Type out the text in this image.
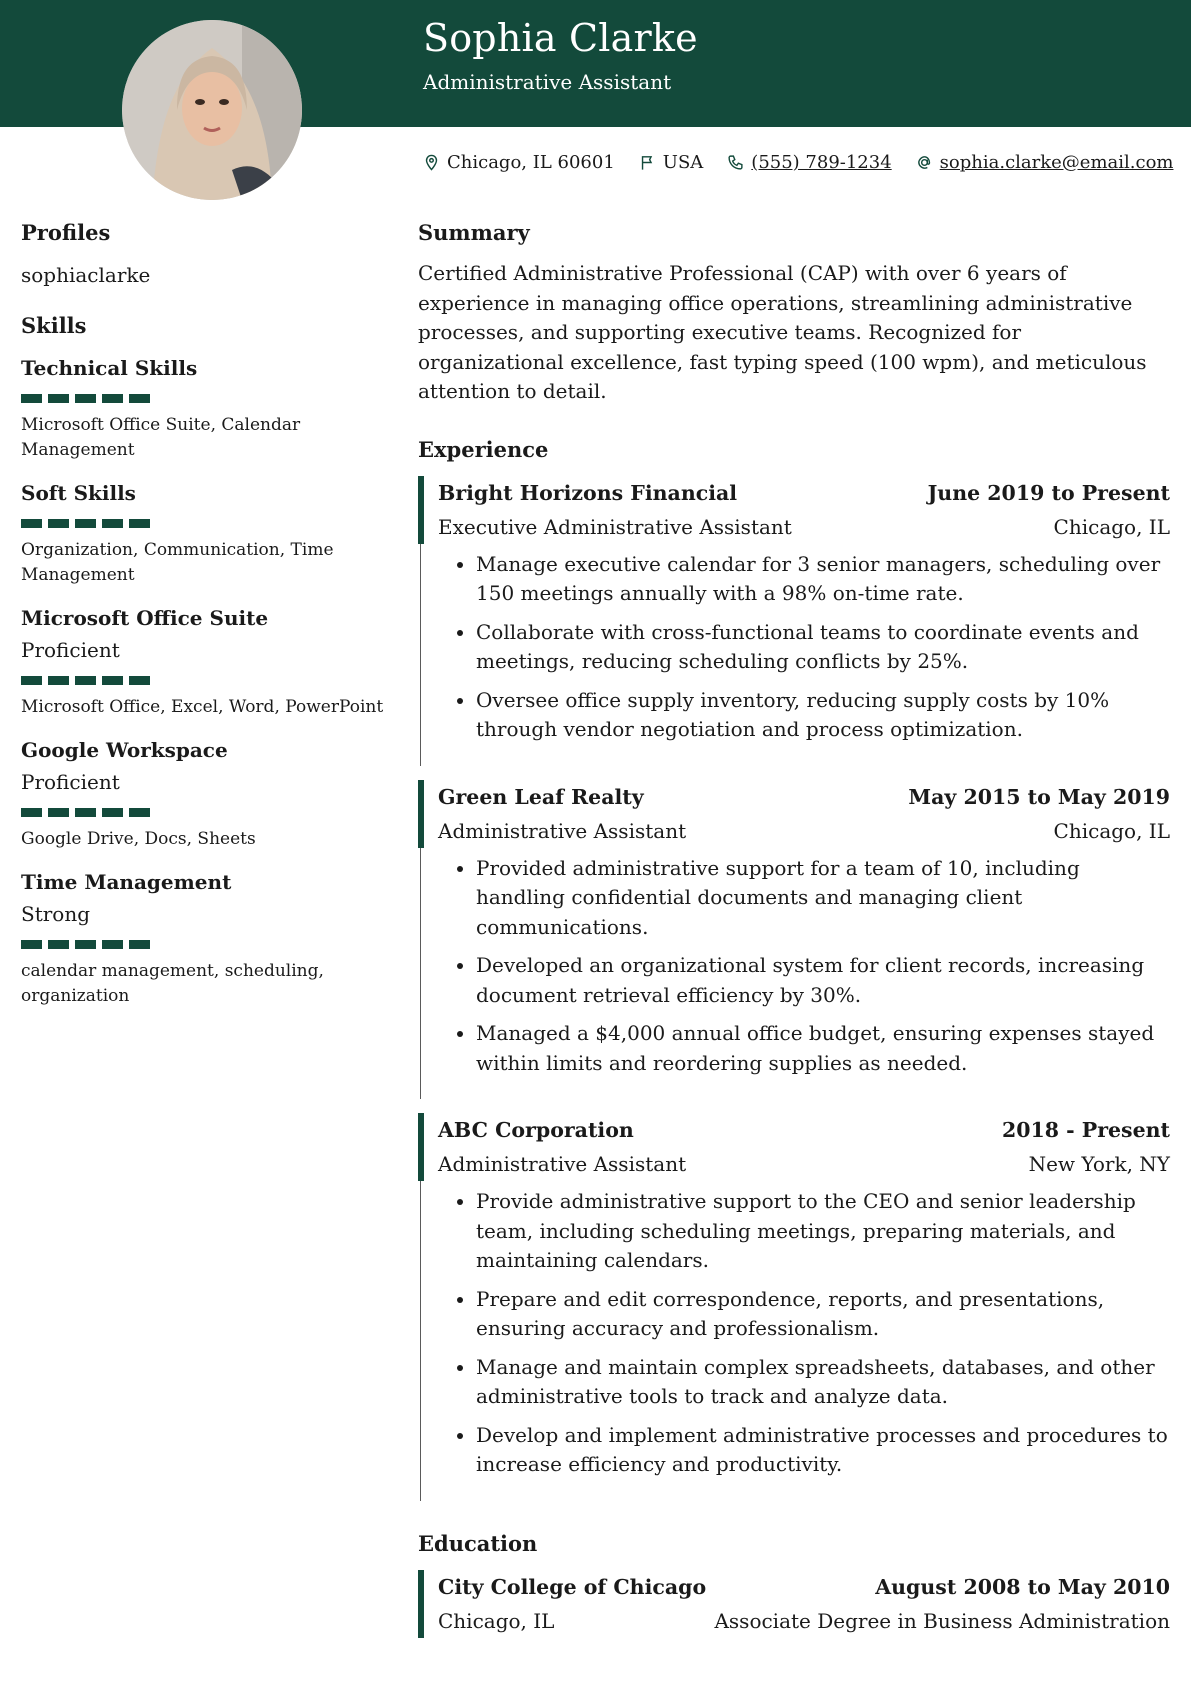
Sophia Clarke
Administrative Assistant
Chicago, IL 60601	USA	(555) 789-1234	sophia.clarke@email.com
Profiles
sophiaclarke
Skills
Technical Skills
Microsoft Office Suite, Calendar Management
Soft Skills
Organization, Communication, Time Management
Microsoft Office Suite
Proficient
Microsoft Office, Excel, Word, PowerPoint
Google Workspace
Proficient
Google Drive, Docs, Sheets
Time Management
Strong
calendar management, scheduling, organization
Summary
Certified Administrative Professional (CAP) with over 6 years of experience in managing office operations, streamlining administrative processes, and supporting executive teams. Recognized for organizational excellence, fast typing speed (100 wpm), and meticulous attention to detail.
Experience
Bright Horizons Financial	June 2019 to Present
Executive Administrative Assistant	Chicago, IL
• Manage executive calendar for 3 senior managers, scheduling over 150 meetings annually with a 98% on-time rate.
• Collaborate with cross-functional teams to coordinate events and meetings, reducing scheduling conflicts by 25%.
• Oversee office supply inventory, reducing supply costs by 10% through vendor negotiation and process optimization.
Green Leaf Realty	May 2015 to May 2019
Administrative Assistant	Chicago, IL
• Provided administrative support for a team of 10, including handling confidential documents and managing client communications.
• Developed an organizational system for client records, increasing document retrieval efficiency by 30%.
• Managed a $4,000 annual office budget, ensuring expenses stayed within limits and reordering supplies as needed.
ABC Corporation	2018 - Present
Administrative Assistant	New York, NY
• Provide administrative support to the CEO and senior leadership team, including scheduling meetings, preparing materials, and maintaining calendars.
• Prepare and edit correspondence, reports, and presentations, ensuring accuracy and professionalism.
• Manage and maintain complex spreadsheets, databases, and other administrative tools to track and analyze data.
• Develop and implement administrative processes and procedures to increase efficiency and productivity.
Education
City College of Chicago	August 2008 to May 2010
Chicago, IL	Associate Degree in Business Administration
